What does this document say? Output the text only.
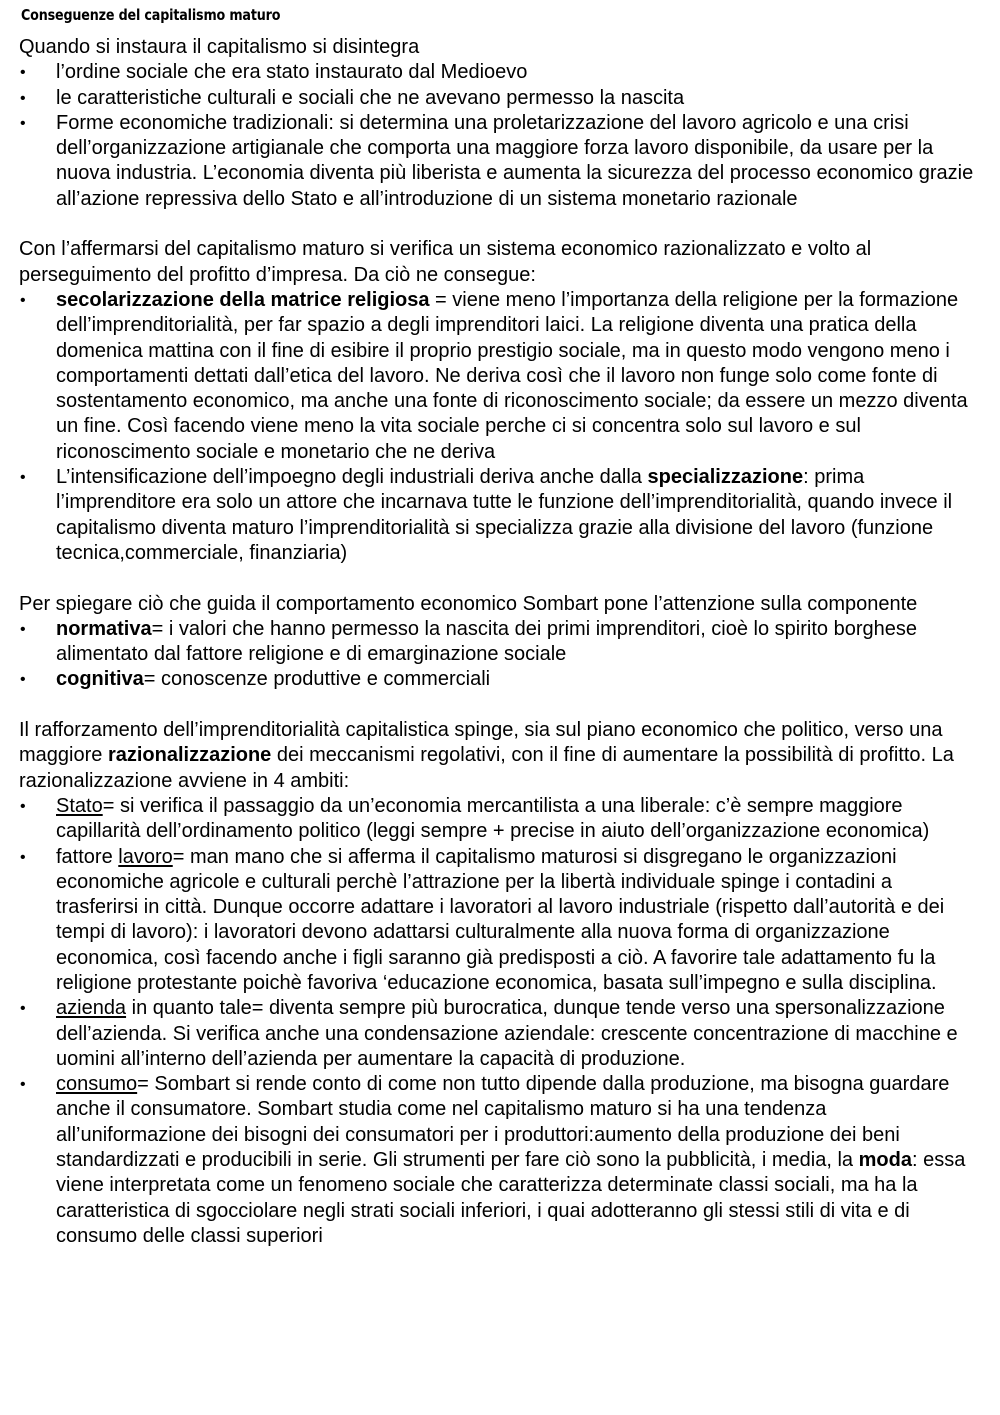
Conseguenze del capitalismo maturo

Quando si instaura il capitalismo si disintegra

•	l’ordine sociale che era stato instaurato dal Medioevo
•	le caratteristiche culturali e sociali che ne avevano permesso la nascita
•	Forme economiche tradizionali: si determina una proletarizzazione del lavoro agricolo e una crisi dell’organizzazione artigianale che comporta una maggiore forza lavoro disponibile, da usare per la nuova industria. L’economia diventa più liberista e aumenta la sicurezza del processo economico grazie all’azione repressiva dello Stato e all’introduzione di un sistema monetario razionale

Con l’affermarsi del capitalismo maturo si verifica un sistema economico razionalizzato e volto al perseguimento del profitto d’impresa. Da ciò ne consegue:

•	secolarizzazione della matrice religiosa = viene meno l’importanza della religione per la formazione dell’imprenditorialità, per far spazio a degli imprenditori laici. La religione diventa una pratica della domenica mattina con il fine di esibire il proprio prestigio sociale, ma in questo modo vengono meno i comportamenti dettati dall’etica del lavoro. Ne deriva così che il lavoro non funge solo come fonte di sostentamento economico, ma anche una fonte di riconoscimento sociale; da essere un mezzo diventa un fine. Così facendo viene meno la vita sociale perche ci si concentra solo sul lavoro e sul riconoscimento sociale e monetario che ne deriva
•	L’intensificazione dell’impoegno degli industriali deriva anche dalla specializzazione: prima l’imprenditore era solo un attore che incarnava tutte le funzione dell’imprenditorialità, quando invece il capitalismo diventa maturo l’imprenditorialità si specializza grazie alla divisione del lavoro (funzione tecnica,commerciale, finanziaria)

Per spiegare ciò che guida il comportamento economico Sombart pone l’attenzione sulla componente

•	normativa= i valori che hanno permesso la nascita dei primi imprenditori, cioè lo spirito borghese alimentato dal fattore religione e di emarginazione sociale
•	cognitiva= conoscenze produttive e commerciali

Il rafforzamento dell’imprenditorialità capitalistica spinge, sia sul piano economico che politico, verso una maggiore razionalizzazione dei meccanismi regolativi, con il fine di aumentare la possibilità di profitto. La razionalizzazione avviene in 4 ambiti:

•	Stato= si verifica il passaggio da un’economia mercantilista a una liberale: c’è sempre maggiore capillarità dell’ordinamento politico (leggi sempre + precise in aiuto dell’organizzazione economica)
•	fattore lavoro= man mano che si afferma il capitalismo maturosi si disgregano le organizzazioni economiche agricole e culturali perchè l’attrazione per la libertà individuale spinge i contadini a trasferirsi in città. Dunque occorre adattare i lavoratori al lavoro industriale (rispetto dall’autorità e dei tempi di lavoro): i lavoratori devono adattarsi culturalmente alla nuova forma di organizzazione economica, così facendo anche i figli saranno già predisposti a ciò. A favorire tale adattamento fu la religione protestante poichè favoriva ‘educazione economica, basata sull’impegno e sulla disciplina.
•	azienda in quanto tale= diventa sempre più burocratica, dunque tende verso una spersonalizzazione dell’azienda. Si verifica anche una condensazione aziendale: crescente concentrazione di macchine e uomini all’interno dell’azienda per aumentare la capacità di produzione.
•	consumo= Sombart si rende conto di come non tutto dipende dalla produzione, ma bisogna guardare anche il consumatore. Sombart studia come nel capitalismo maturo si ha una tendenza all’uniformazione dei bisogni dei consumatori per i produttori:aumento della produzione dei beni standardizzati e producibili in serie. Gli strumenti per fare ciò sono la pubblicità, i media, la moda: essa viene interpretata come un fenomeno sociale che caratterizza determinate classi sociali, ma ha la caratteristica di sgocciolare negli strati sociali inferiori, i quai adotteranno gli stessi stili di vita e di consumo delle classi superiori
